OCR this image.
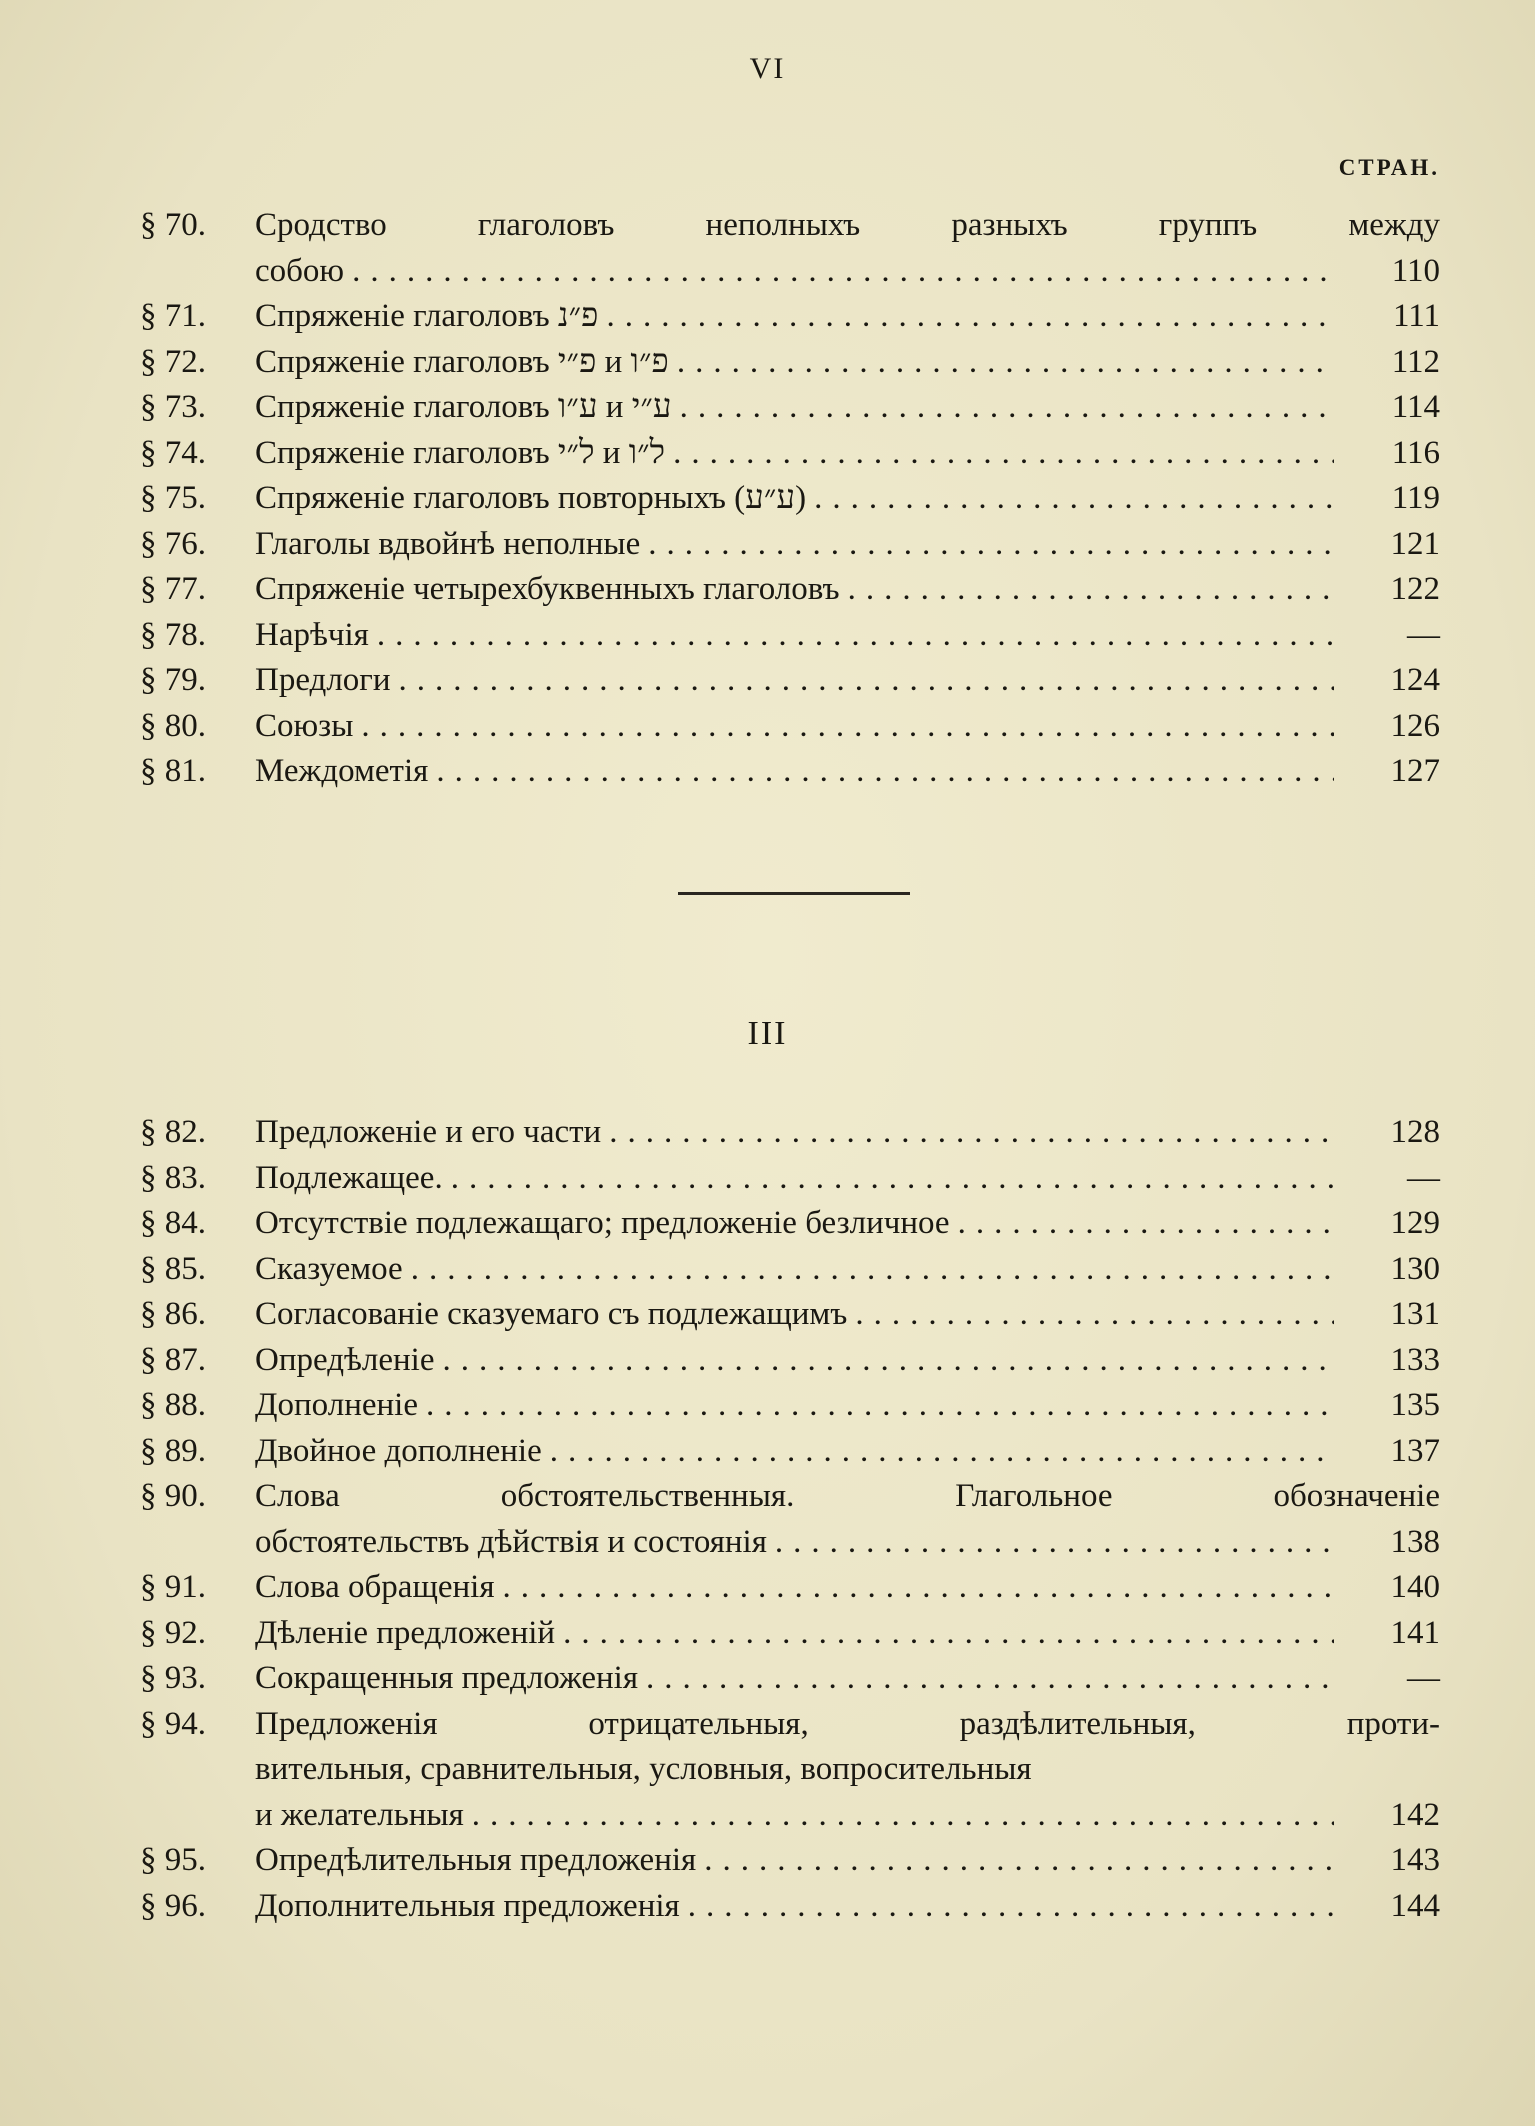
VI
СТРАН.
§ 70.	Сродство глаголовъ неполныхъ разныхъ группъ между
собою .....	110
§ 71.	Спряженіе глаголовъ פ״נ .....	111
§ 72.	Спряженіе глаголовъ פ״י и פ״ו .....	112
§ 73.	Спряженіе глаголовъ ע״ו и ע״י .....	114
§ 74.	Спряженіе глаголовъ ל״י и ל״ו .....	116
§ 75.	Спряженіе глаголовъ повторныхъ (ע״ע) .....	119
§ 76.	Глаголы вдвойнѣ неполные .....	121
§ 77.	Спряженіе четырехбуквенныхъ глаголовъ .....	122
§ 78.	Нарѣчія .....	—
§ 79.	Предлоги .....	124
§ 80.	Союзы .....	126
§ 81.	Междометія .....	127
III
§ 82.	Предложеніе и его части .....	128
§ 83.	Подлежащее. .....	—
§ 84.	Отсутствіе подлежащаго; предложеніе безличное .....	129
§ 85.	Сказуемое .....	130
§ 86.	Согласованіе сказуемаго съ подлежащимъ .....	131
§ 87.	Опредѣленіе .....	133
§ 88.	Дополненіе .....	135
§ 89.	Двойное дополненіе .....	137
§ 90.	Слова обстоятельственныя. Глагольное обозначеніе
обстоятельствъ дѣйствія и состоянія .....	138
§ 91.	Слова обращенія .....	140
§ 92.	Дѣленіе предложеній .....	141
§ 93.	Сокращенныя предложенія .....	—
§ 94.	Предложенія отрицательныя, раздѣлительныя, проти-
вительныя, сравнительныя, условныя, вопросительныя
и желательныя .....	142
§ 95.	Опредѣлительныя предложенія .....	143
§ 96.	Дополнительныя предложенія .....	144
